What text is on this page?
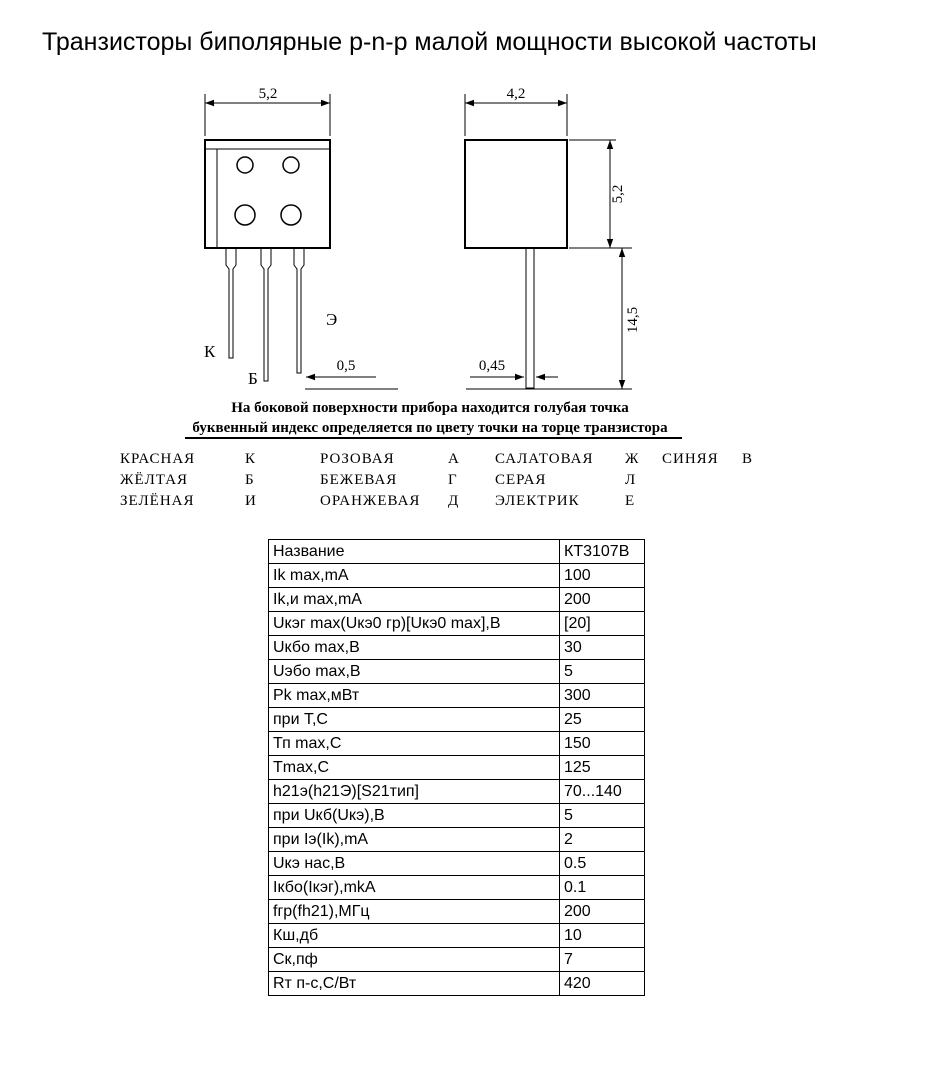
Транзисторы биполярные p-n-p малой мощности высокой частоты
5,2
К
Б
Э
0,5
4,2
5,2
14,5
0,45
На боковой поверхности прибора находится голубая точка
буквенный индекс определяется по цвету точки на торце транзистора
КРАСНАЯ	К	РОЗОВАЯ	А	САЛАТОВАЯ	Ж	СИНЯЯ	В
ЖЁЛТАЯ	Б	БЕЖЕВАЯ	Г	СЕРАЯ	Л
ЗЕЛЁНАЯ	И	ОРАНЖЕВАЯ	Д	ЭЛЕКТРИК	Е
Название	КТ3107В
Ik max,mA	100
Ik,и max,mA	200
Uкэг max(Uкэ0 гр)[Uкэ0 max],В	[20]
Uкбо max,В	30
Uэбо max,В	5
Pk max,мВт	300
при Т,С	25
Тп max,С	150
Tmax,С	125
h21э(h21Э)[S21тип]	70...140
при Uкб(Uкэ),В	5
при Iэ(Ik),mA	2
Uкэ нас,В	0.5
Iкбо(Iкэг),mkA	0.1
fгр(fh21),МГц	200
Кш,дб	10
Ск,пф	7
Rт п-с,С/Вт	420
